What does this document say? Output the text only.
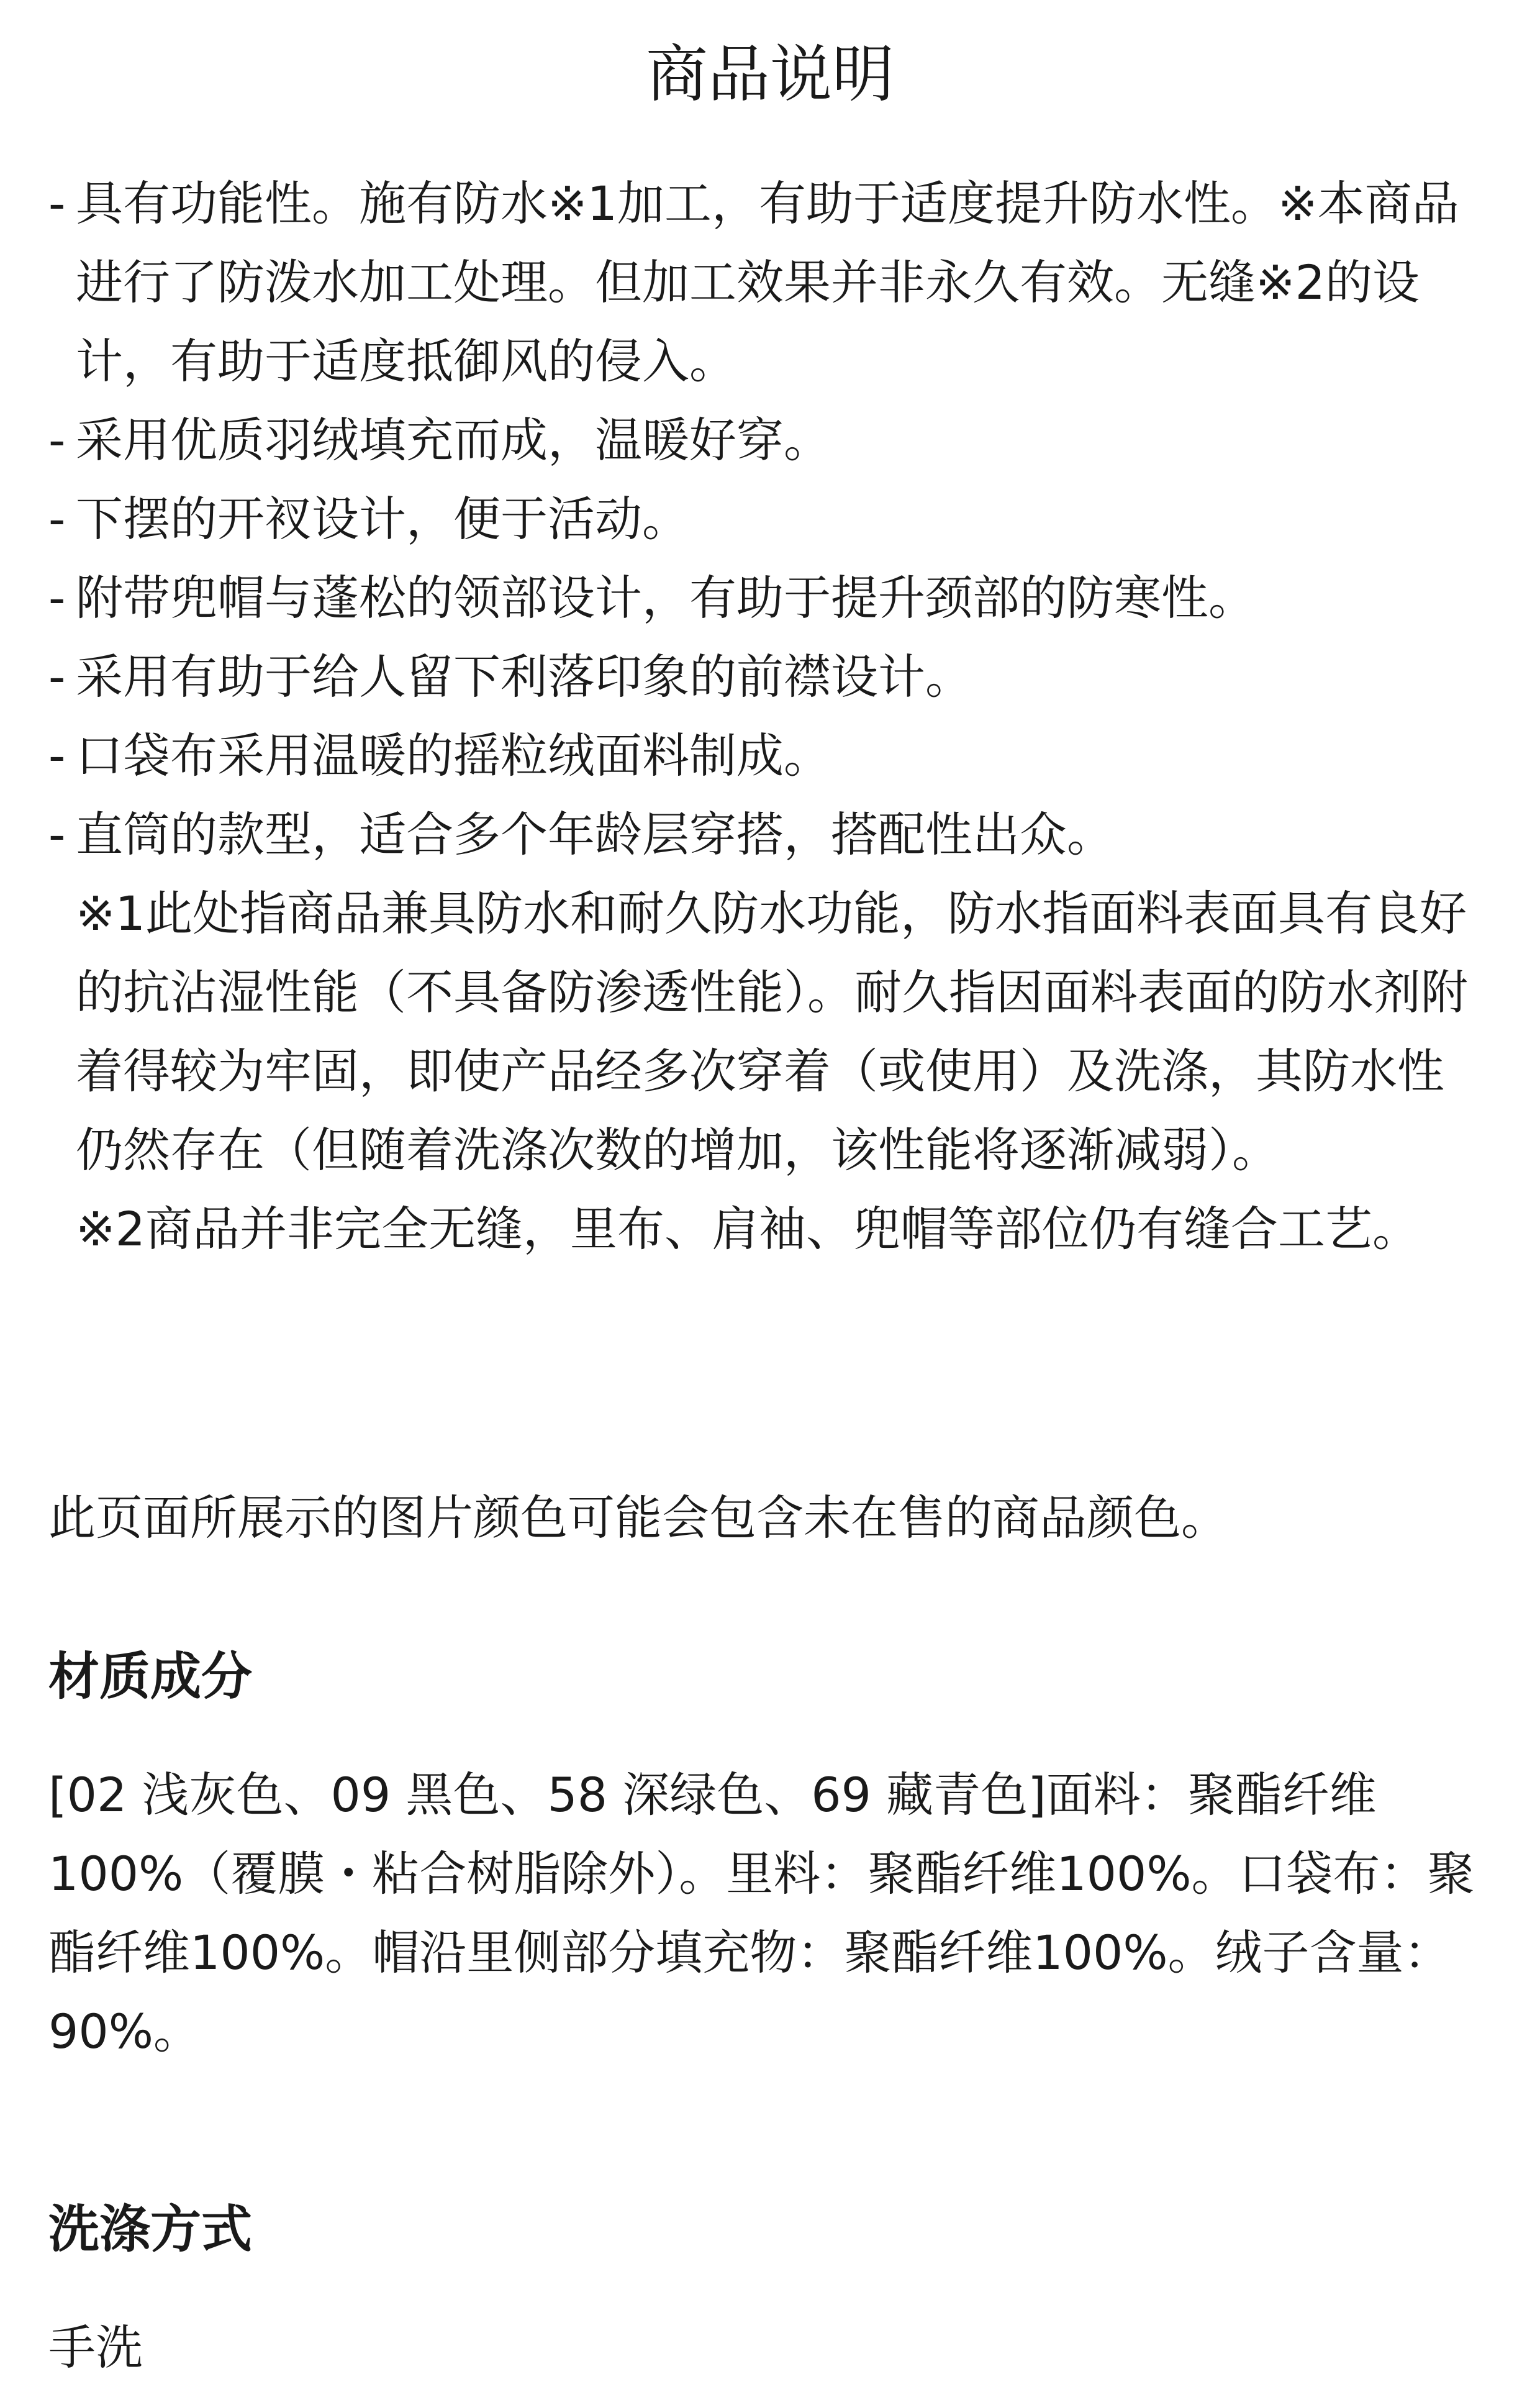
商品说明
- 具有功能性。施有防水※1加工，有助于适度提升防水性。※本商品进行了防泼水加工处理。但加工效果并非永久有效。无缝※2的设计，有助于适度抵御风的侵入。
- 采用优质羽绒填充而成，温暖好穿。
- 下摆的开衩设计，便于活动。
- 附带兜帽与蓬松的领部设计，有助于提升颈部的防寒性。
- 采用有助于给人留下利落印象的前襟设计。
- 口袋布采用温暖的摇粒绒面料制成。
- 直筒的款型，适合多个年龄层穿搭，搭配性出众。
※1此处指商品兼具防水和耐久防水功能，防水指面料表面具有良好的抗沾湿性能（不具备防渗透性能）。耐久指因面料表面的防水剂附着得较为牢固，即使产品经多次穿着（或使用）及洗涤，其防水性仍然存在（但随着洗涤次数的增加，该性能将逐渐减弱）。
※2商品并非完全无缝，里布、肩袖、兜帽等部位仍有缝合工艺。
此页面所展示的图片颜色可能会包含未在售的商品颜色。
材质成分
[02 浅灰色、09 黑色、58 深绿色、69 藏青色]面料：聚酯纤维100%（覆膜・粘合树脂除外）。里料：聚酯纤维100%。口袋布：聚酯纤维100%。帽沿里侧部分填充物：聚酯纤维100%。绒子含量：90%。
洗涤方式
手洗
